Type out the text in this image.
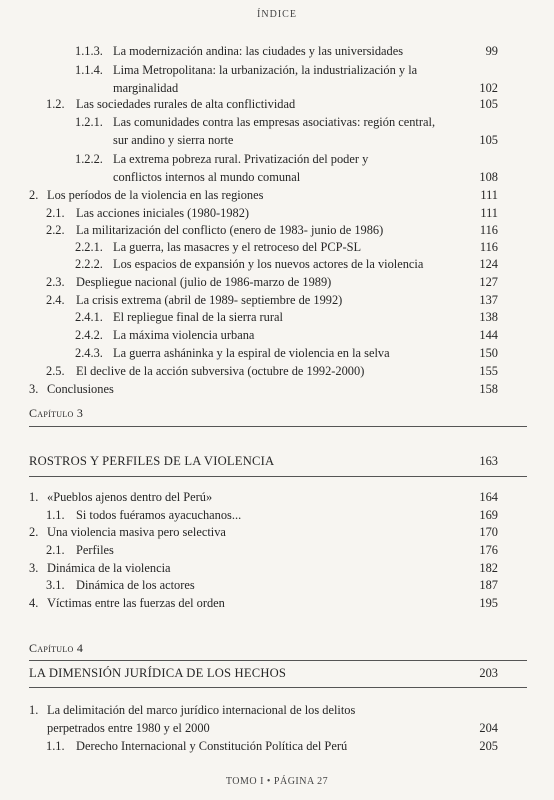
ÍNDICE
1.1.3. La modernización andina: las ciudades y las universidades	99
1.1.4. Lima Metropolitana: la urbanización, la industrialización y la
marginalidad	102
1.2. Las sociedades rurales de alta conflictividad	105
1.2.1. Las comunidades contra las empresas asociativas: región central,
sur andino y sierra norte	105
1.2.2. La extrema pobreza rural. Privatización del poder y
conflictos internos al mundo comunal	108
2. Los períodos de la violencia en las regiones	111
2.1. Las acciones iniciales (1980-1982)	111
2.2. La militarización del conflicto (enero de 1983- junio de 1986)	116
2.2.1. La guerra, las masacres y el retroceso del PCP-SL	116
2.2.2. Los espacios de expansión y los nuevos actores de la violencia	124
2.3. Despliegue nacional (julio de 1986-marzo de 1989)	127
2.4. La crisis extrema (abril de 1989- septiembre de 1992)	137
2.4.1. El repliegue final de la sierra rural	138
2.4.2. La máxima violencia urbana	144
2.4.3. La guerra asháninka y la espiral de violencia en la selva	150
2.5. El declive de la acción subversiva (octubre de 1992-2000)	155
3. Conclusiones	158
Capítulo 3
ROSTROS Y PERFILES DE LA VIOLENCIA	163
1. «Pueblos ajenos dentro del Perú»	164
1.1. Si todos fuéramos ayacuchanos...	169
2. Una violencia masiva pero selectiva	170
2.1. Perfiles	176
3. Dinámica de la violencia	182
3.1. Dinámica de los actores	187
4. Víctimas entre las fuerzas del orden	195
Capítulo 4
LA DIMENSIÓN JURÍDICA DE LOS HECHOS	203
1. La delimitación del marco jurídico internacional de los delitos
perpetrados entre 1980 y el 2000	204
1.1. Derecho Internacional y Constitución Política del Perú	205
TOMO I • PÁGINA 27
